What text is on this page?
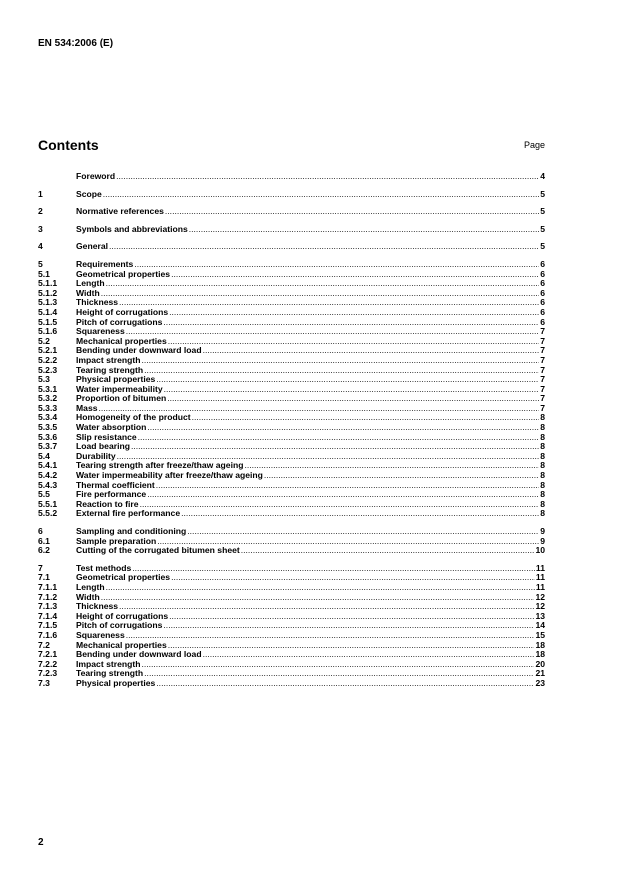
EN 534:2006 (E)
Contents	Page
Foreword .....	4
1	Scope .....	5
2	Normative references .....	5
3	Symbols and abbreviations .....	5
4	General .....	5
5	Requirements .....	6
5.1	Geometrical properties .....	6
5.1.1	Length .....	6
5.1.2	Width .....	6
5.1.3	Thickness .....	6
5.1.4	Height of corrugations .....	6
5.1.5	Pitch of corrugations .....	6
5.1.6	Squareness .....	7
5.2	Mechanical properties .....	7
5.2.1	Bending under downward load .....	7
5.2.2	Impact strength .....	7
5.2.3	Tearing strength .....	7
5.3	Physical properties .....	7
5.3.1	Water impermeability .....	7
5.3.2	Proportion of bitumen .....	7
5.3.3	Mass .....	7
5.3.4	Homogeneity of the product .....	8
5.3.5	Water absorption .....	8
5.3.6	Slip resistance .....	8
5.3.7	Load bearing .....	8
5.4	Durability .....	8
5.4.1	Tearing strength after freeze/thaw ageing .....	8
5.4.2	Water impermeability after freeze/thaw ageing .....	8
5.4.3	Thermal coefficient .....	8
5.5	Fire performance .....	8
5.5.1	Reaction to fire .....	8
5.5.2	External fire performance .....	8
6	Sampling and conditioning .....	9
6.1	Sample preparation .....	9
6.2	Cutting of the corrugated bitumen sheet .....	10
7	Test methods .....	11
7.1	Geometrical properties .....	11
7.1.1	Length .....	11
7.1.2	Width .....	12
7.1.3	Thickness .....	12
7.1.4	Height of corrugations .....	13
7.1.5	Pitch of corrugations .....	14
7.1.6	Squareness .....	15
7.2	Mechanical properties .....	18
7.2.1	Bending under downward load .....	18
7.2.2	Impact strength .....	20
7.2.3	Tearing strength .....	21
7.3	Physical properties .....	23
2
